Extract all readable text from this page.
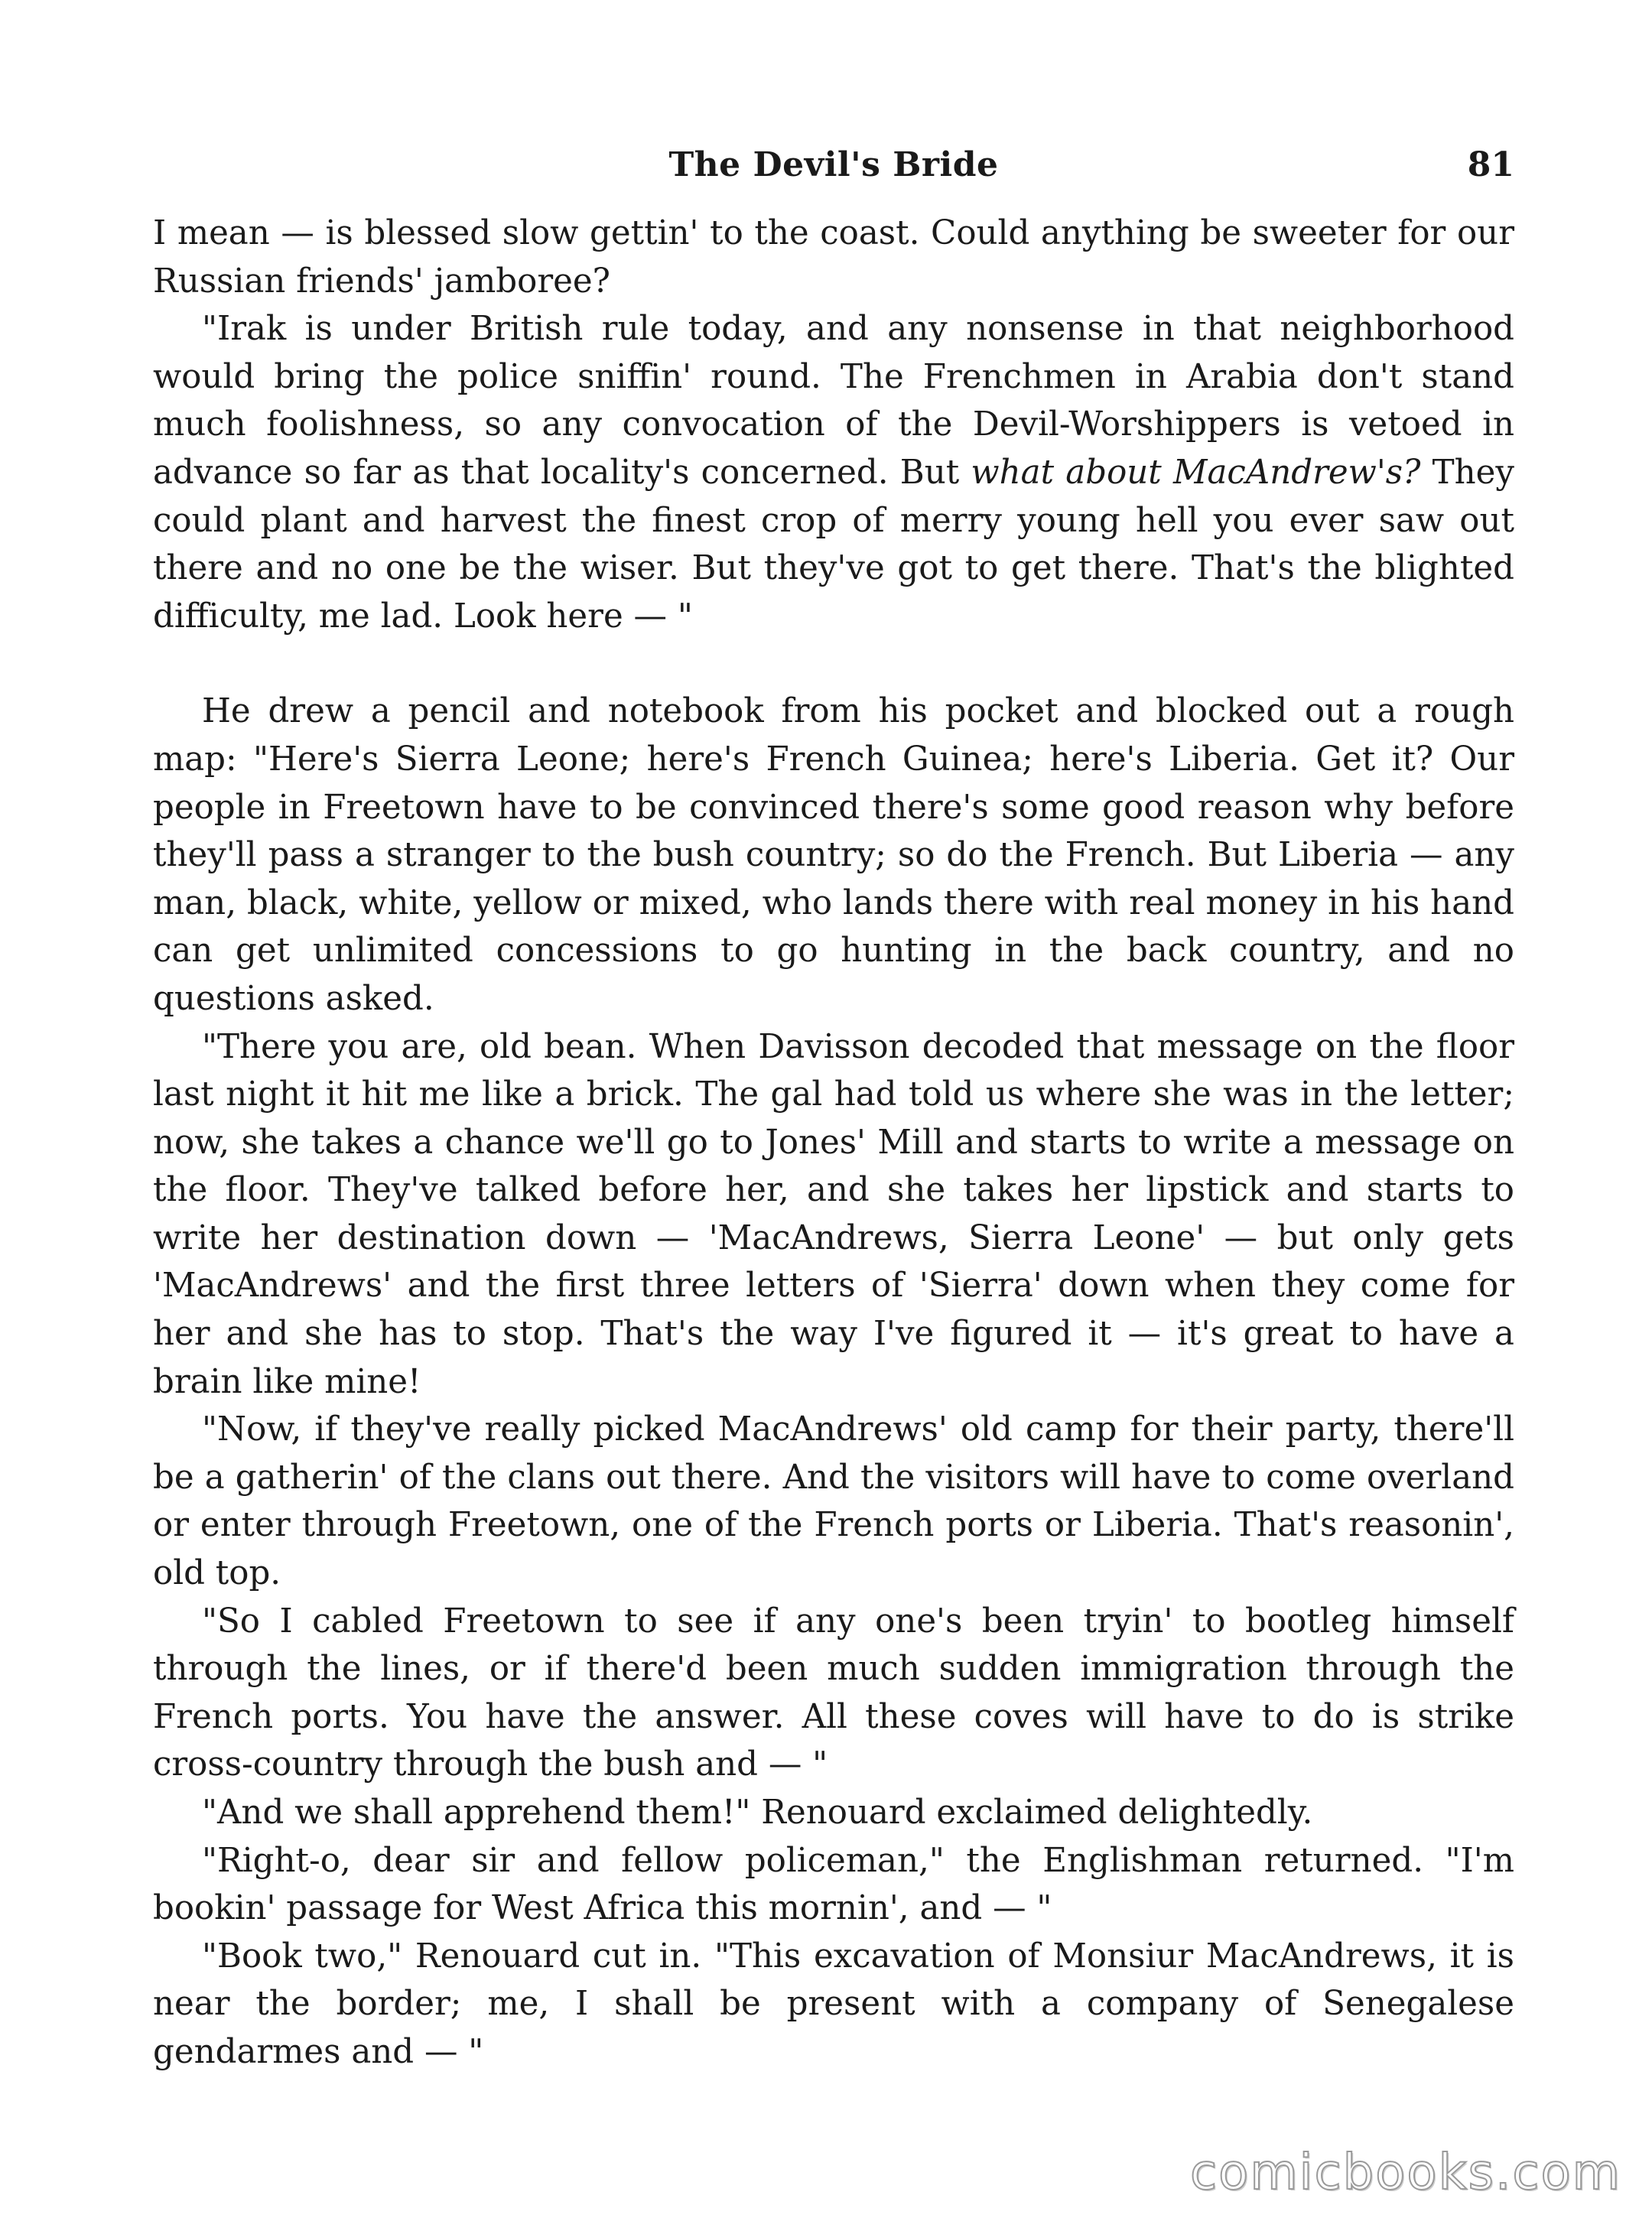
The Devil's Bride	81

I mean — is blessed slow gettin' to the coast. Could anything be sweeter for our Russian friends' jamboree?

"Irak is under British rule today, and any nonsense in that neighborhood would bring the police sniffin' round. The Frenchmen in Arabia don't stand much foolishness, so any convocation of the Devil-Worshippers is vetoed in advance so far as that locality's concerned. But what about MacAndrew's? They could plant and harvest the finest crop of merry young hell you ever saw out there and no one be the wiser. But they've got to get there. That's the blighted difficulty, me lad. Look here — "

He drew a pencil and notebook from his pocket and blocked out a rough map: "Here's Sierra Leone; here's French Guinea; here's Liberia. Get it? Our people in Freetown have to be convinced there's some good reason why before they'll pass a stranger to the bush country; so do the French. But Liberia — any man, black, white, yellow or mixed, who lands there with real money in his hand can get unlimited concessions to go hunting in the back country, and no questions asked.

"There you are, old bean. When Davisson decoded that message on the floor last night it hit me like a brick. The gal had told us where she was in the letter; now, she takes a chance we'll go to Jones' Mill and starts to write a message on the floor. They've talked before her, and she takes her lipstick and starts to write her destination down — 'MacAndrews, Sierra Leone' — but only gets 'MacAndrews' and the first three letters of 'Sierra' down when they come for her and she has to stop. That's the way I've figured it — it's great to have a brain like mine!

"Now, if they've really picked MacAndrews' old camp for their party, there'll be a gatherin' of the clans out there. And the visitors will have to come overland or enter through Freetown, one of the French ports or Liberia. That's reasonin', old top.

"So I cabled Freetown to see if any one's been tryin' to bootleg himself through the lines, or if there'd been much sudden immigration through the French ports. You have the answer. All these coves will have to do is strike cross-country through the bush and — "

"And we shall apprehend them!" Renouard exclaimed delightedly.

"Right-o, dear sir and fellow policeman," the Englishman returned. "I'm bookin' passage for West Africa this mornin', and — "

"Book two," Renouard cut in. "This excavation of Monsiur MacAndrews, it is near the border; me, I shall be present with a company of Senegalese gendarmes and — "

comicbooks.com
